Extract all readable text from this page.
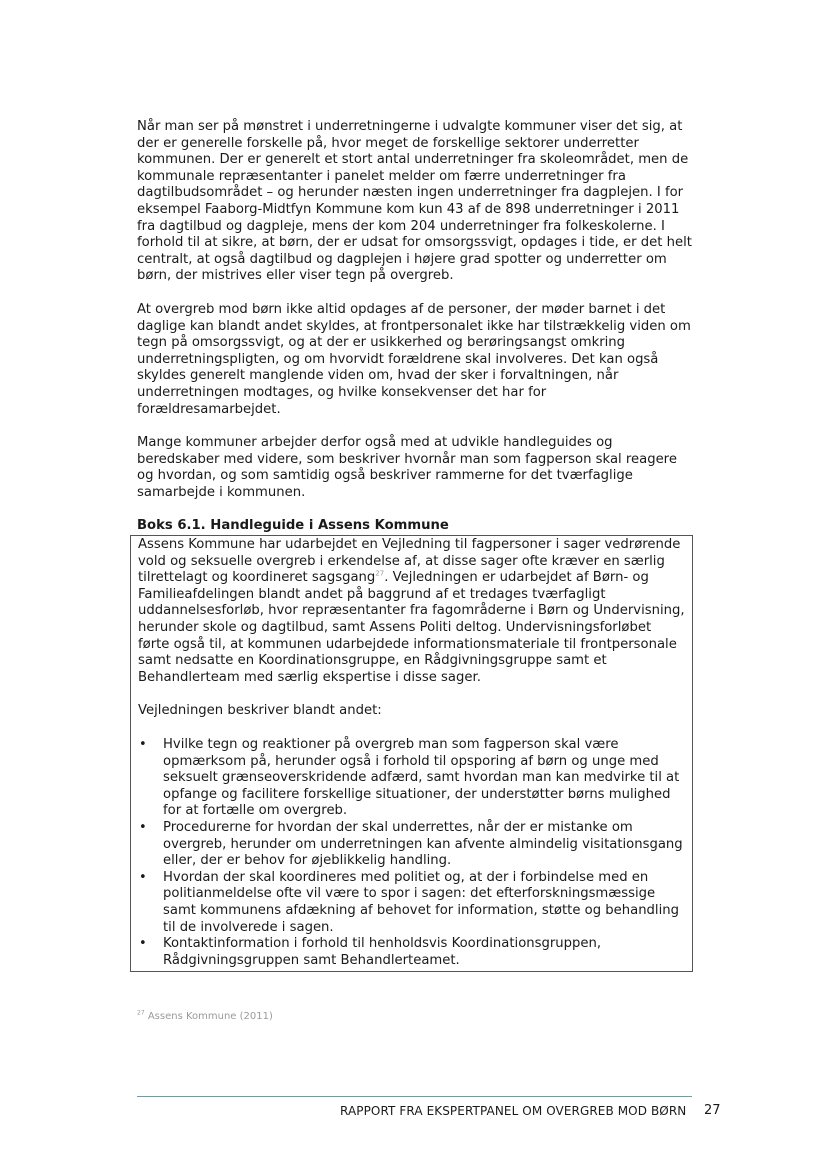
Når man ser på mønstret i underretningerne i udvalgte kommuner viser det sig, at der er generelle forskelle på, hvor meget de forskellige sektorer underretter kommunen. Der er generelt et stort antal underretninger fra skoleområdet, men de kommunale repræsentanter i panelet melder om færre underretninger fra dagtilbudsområdet – og herunder næsten ingen underretninger fra dagplejen. I for eksempel Faaborg-Midtfyn Kommune kom kun 43 af de 898 underretninger i 2011 fra dagtilbud og dagpleje, mens der kom 204 underretninger fra folkeskolerne. I forhold til at sikre, at børn, der er udsat for omsorgssvigt, opdages i tide, er det helt centralt, at også dagtilbud og dagplejen i højere grad spotter og underretter om børn, der mistrives eller viser tegn på overgreb.

At overgreb mod børn ikke altid opdages af de personer, der møder barnet i det daglige kan blandt andet skyldes, at frontpersonalet ikke har tilstrækkelig viden om tegn på omsorgssvigt, og at der er usikkerhed og berøringsangst omkring underretningspligten, og om hvorvidt forældrene skal involveres. Det kan også skyldes generelt manglende viden om, hvad der sker i forvaltningen, når underretningen modtages, og hvilke konsekvenser det har for forældresamarbejdet.

Mange kommuner arbejder derfor også med at udvikle handleguides og beredskaber med videre, som beskriver hvornår man som fagperson skal reagere og hvordan, og som samtidig også beskriver rammerne for det tværfaglige samarbejde i kommunen.

Boks 6.1. Handleguide i Assens Kommune

Assens Kommune har udarbejdet en Vejledning til fagpersoner i sager vedrørende vold og seksuelle overgreb i erkendelse af, at disse sager ofte kræver en særlig tilrettelagt og koordineret sagsgang$^{27}$. Vejledningen er udarbejdet af Børn- og Familieafdelingen blandt andet på baggrund af et tredages tværfagligt uddannelsesforløb, hvor repræsentanter fra fagområderne i Børn og Undervisning, herunder skole og dagtilbud, samt Assens Politi deltog. Undervisningsforløbet førte også til, at kommunen udarbejdede informationsmateriale til frontpersonale samt nedsatte en Koordinationsgruppe, en Rådgivningsgruppe samt et Behandlerteam med særlig ekspertise i disse sager.

Vejledningen beskriver blandt andet:

• Hvilke tegn og reaktioner på overgreb man som fagperson skal være opmærksom på, herunder også i forhold til opsporing af børn og unge med seksuelt grænseoverskridende adfærd, samt hvordan man kan medvirke til at opfange og facilitere forskellige situationer, der understøtter børns mulighed for at fortælle om overgreb.
• Procedurerne for hvordan der skal underrettes, når der er mistanke om overgreb, herunder om underretningen kan afvente almindelig visitationsgang eller, der er behov for øjeblikkelig handling.
• Hvordan der skal koordineres med politiet og, at der i forbindelse med en politianmeldelse ofte vil være to spor i sagen: det efterforskningsmæssige samt kommunens afdækning af behovet for information, støtte og behandling til de involverede i sagen.
• Kontaktinformation i forhold til henholdsvis Koordinationsgruppen, Rådgivningsgruppen samt Behandlerteamet.
$^{27}$ Assens Kommune (2011)
RAPPORT FRA EKSPERTPANEL OM OVERGREB MOD BØRN 27
